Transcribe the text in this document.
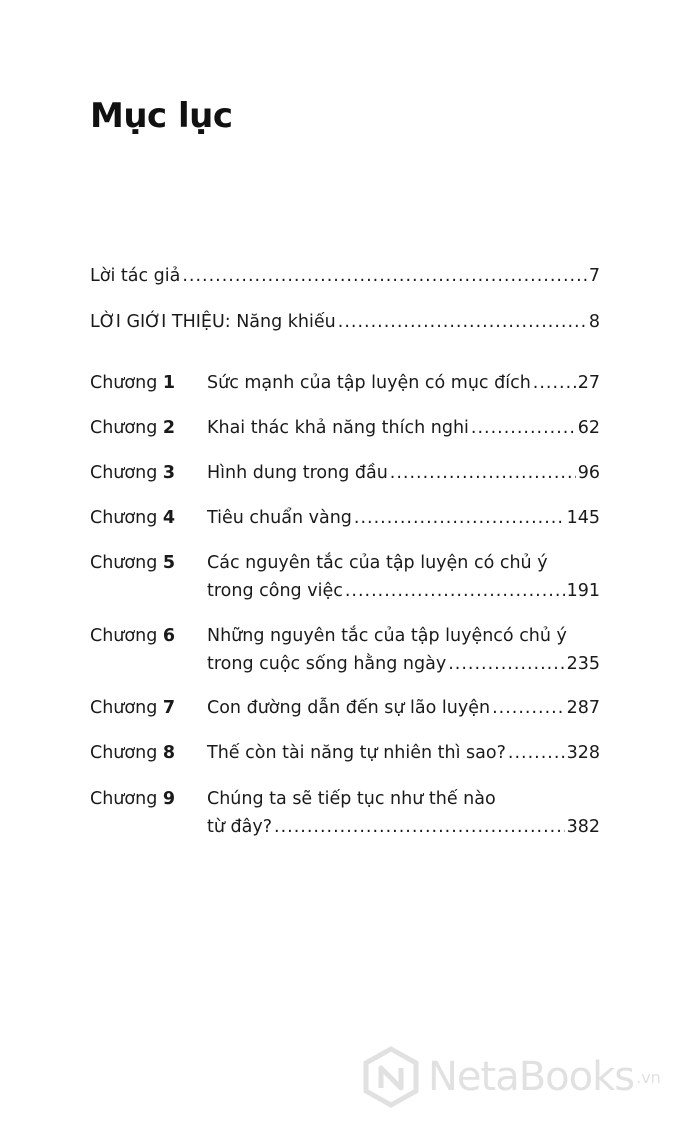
Mục lục
Lời tác giả .....	7
LỜI GIỚI THIỆU: Năng khiếu .....	8
Chương 1 Sức mạnh của tập luyện có mục đích .....	27
Chương 2 Khai thác khả năng thích nghi .....	62
Chương 3 Hình dung trong đầu .....	96
Chương 4 Tiêu chuẩn vàng .....	145
Chương 5 Các nguyên tắc của tập luyện có chủ ý
trong công việc .....	191
Chương 6 Những nguyên tắc của tập luyệncó chủ ý
trong cuộc sống hằng ngày .....	235
Chương 7 Con đường dẫn đến sự lão luyện .....	287
Chương 8 Thế còn tài năng tự nhiên thì sao? .....	328
Chương 9 Chúng ta sẽ tiếp tục như thế nào
từ đây? .....	382
NetaBooks .vn
